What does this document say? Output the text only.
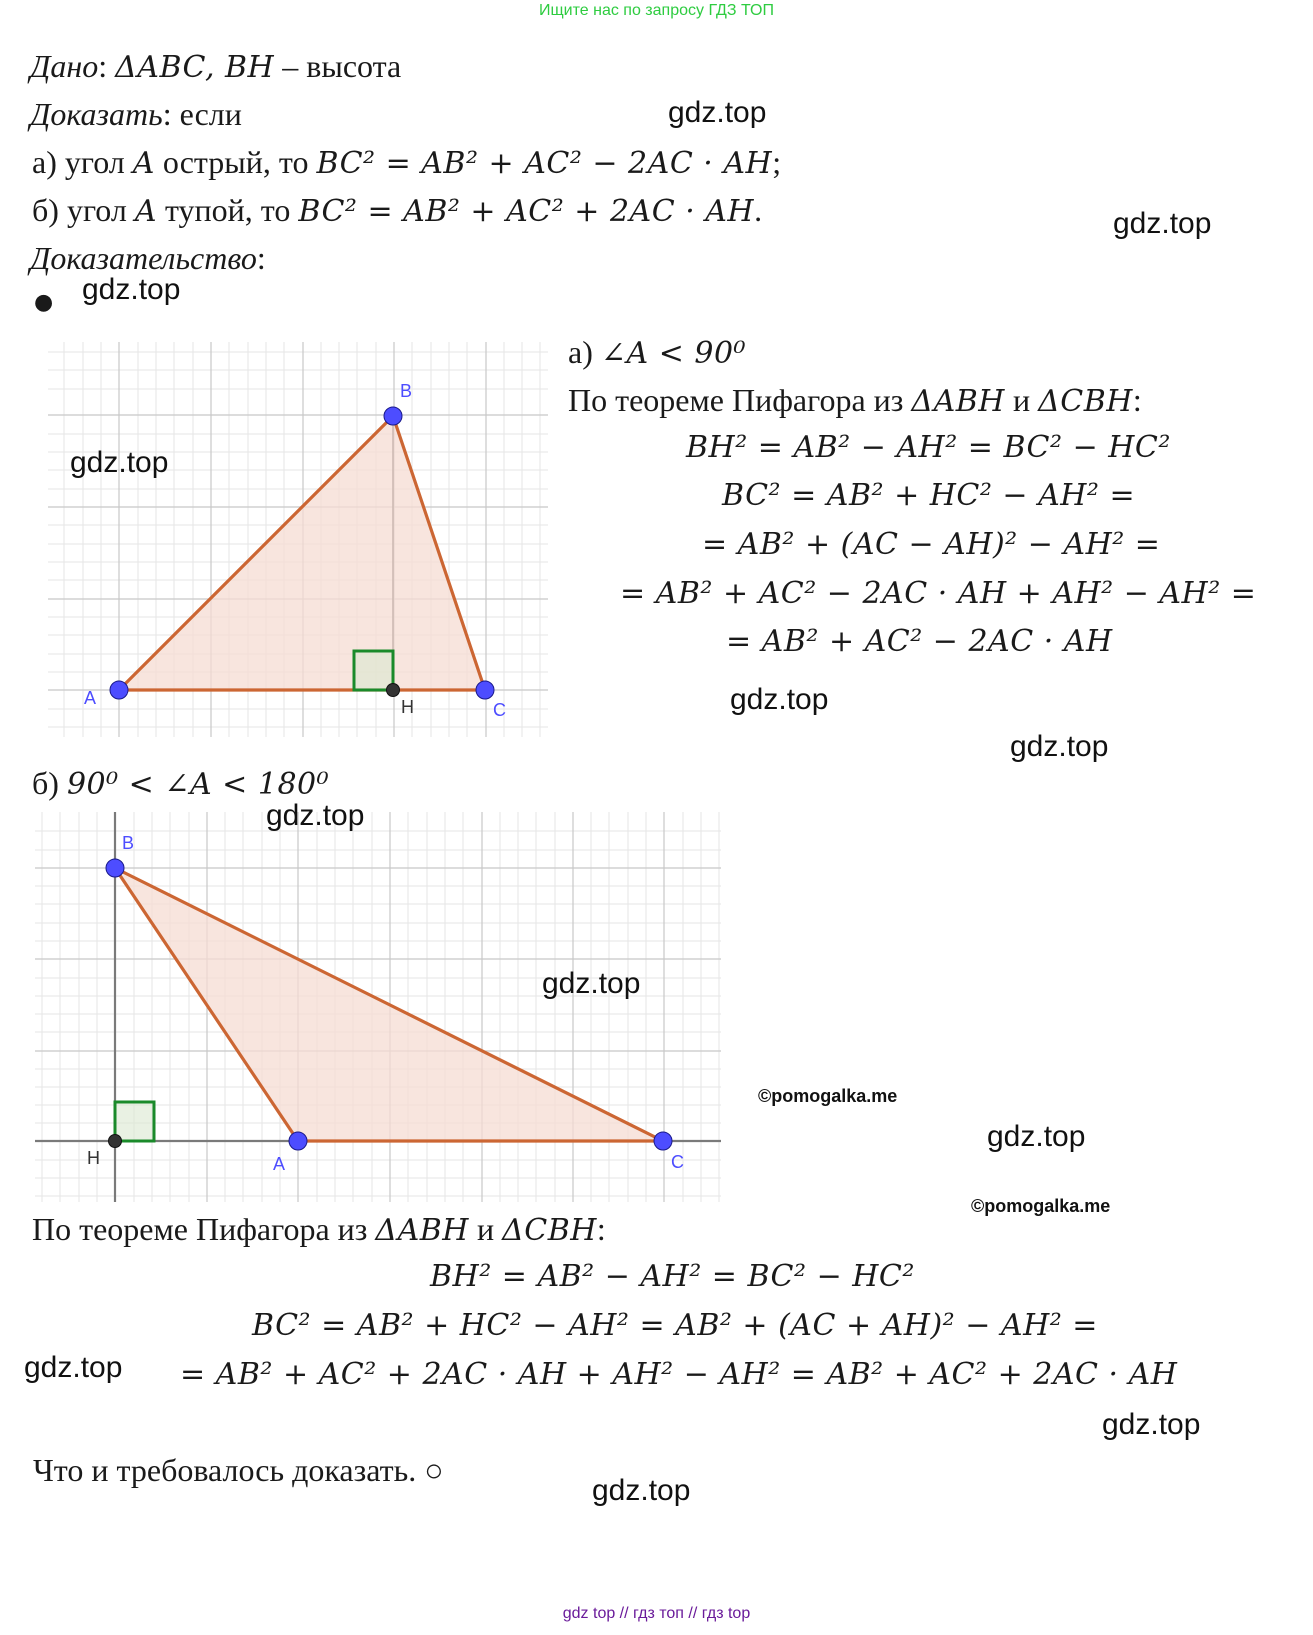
Ищите нас по запросу ГДЗ ТОП
Дано: ΔABC, BH – высота
Доказать: если
а) угол A острый, то BC² = AB² + AC² − 2AC · AH;
б) угол A тупой, то BC² = AB² + AC² + 2AC · AH.
Доказательство:
●
A
B
C
H
а) ∠A < 90⁰
По теореме Пифагора из ΔABH и ΔCBH:
BH² = AB² − AH² = BC² − HC²
BC² = AB² + HC² − AH² =
= AB² + (AC − AH)² − AH² =
= AB² + AC² − 2AC · AH + AH² − AH² =
= AB² + AC² − 2AC · AH
б) 90⁰ < ∠A < 180⁰
A
B
C
H
По теореме Пифагора из ΔABH и ΔCBH:
BH² = AB² − AH² = BC² − HC²
BC² = AB² + HC² − AH² = AB² + (AC + AH)² − AH² =
= AB² + AC² + 2AC · AH + AH² − AH² = AB² + AC² + 2AC · AH
Что и требовалось доказать. ○
gdz.top
gdz.top
gdz.top
gdz.top
gdz.top
gdz.top
gdz.top
gdz.top
gdz.top
gdz.top
gdz.top
gdz.top
©pomogalka.me
©pomogalka.me
gdz top // гдз топ // гдз top
